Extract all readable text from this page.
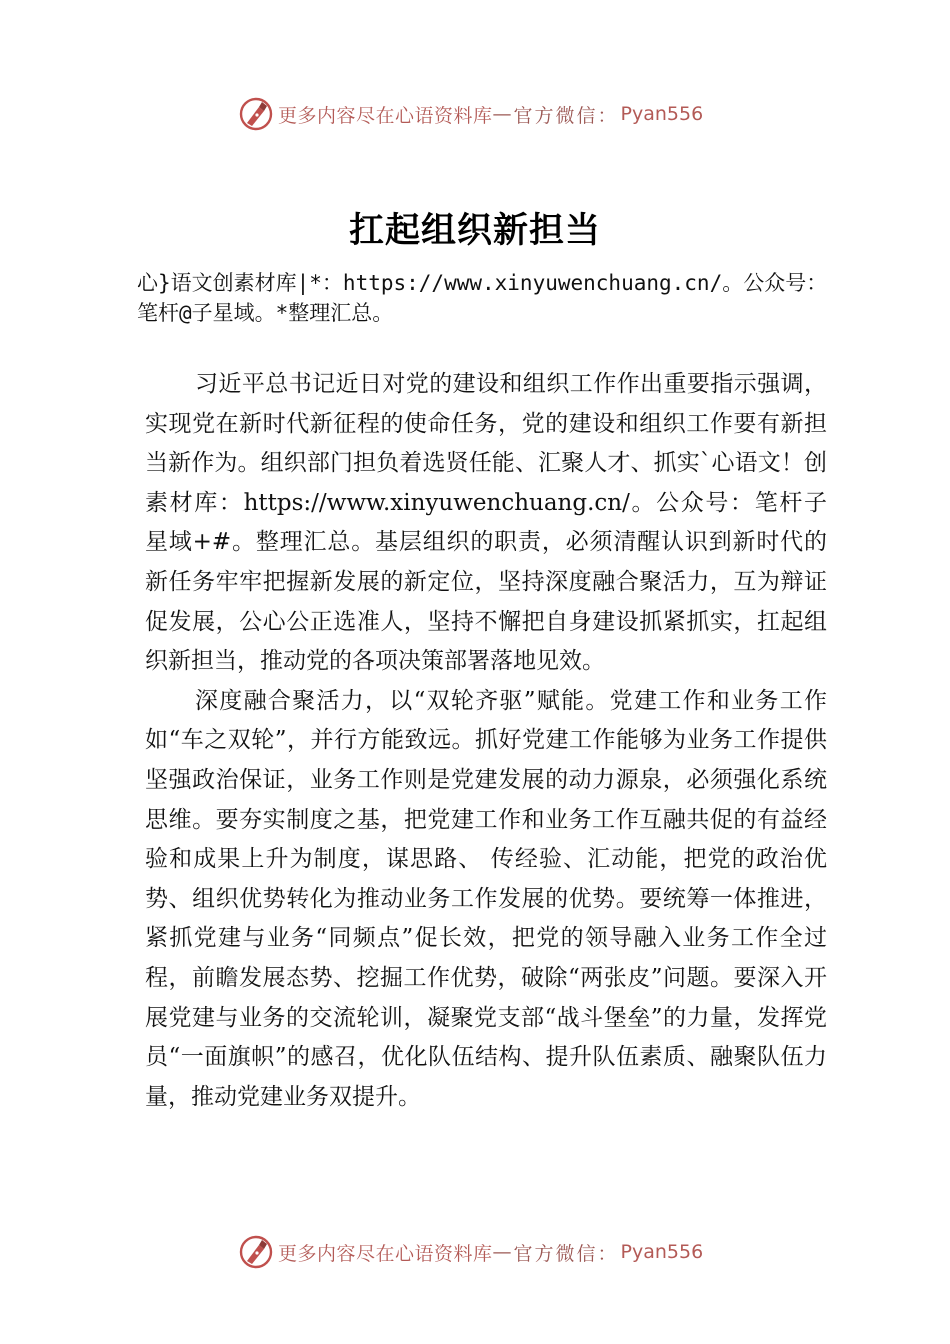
更多内容尽在心语资料库 — 官方微信： Pyan556
扛起组织新担当
心}语文创素材库|*：https://www.xinyuwenchuang.cn/。公众号：笔杆@子星域。*整理汇总。

习近平总书记近日对党的建设和组织工作作出重要指示强调，实现党在新时代新征程的使命任务，党的建设和组织工作要有新担当新作为。组织部门担负着选贤任能、汇聚人才、抓实`心语文！创素材库：https://www.xinyuwenchuang.cn/。公众号：笔杆子星域+#。整理汇总。基层组织的职责，必须清醒认识到新时代的新任务牢牢把握新发展的新定位，坚持深度融合聚活力，互为辩证促发展，公心公正选准人，坚持不懈把自身建设抓紧抓实，扛起组织新担当，推动党的各项决策部署落地见效。

深度融合聚活力，以“双轮齐驱”赋能。党建工作和业务工作如“车之双轮”，并行方能致远。抓好党建工作能够为业务工作提供坚强政治保证，业务工作则是党建发展的动力源泉，必须强化系统思维。要夯实制度之基，把党建工作和业务工作互融共促的有益经验和成果上升为制度，谋思路、 传经验、汇动能，把党的政治优势、组织优势转化为推动业务工作发展的优势。要统筹一体推进，紧抓党建与业务“同频点”促长效，把党的领导融入业务工作全过程，前瞻发展态势、挖掘工作优势，破除“两张皮”问题。要深入开展党建与业务的交流轮训，凝聚党支部“战斗堡垒”的力量，发挥党员“一面旗帜”的感召，优化队伍结构、提升队伍素质、融聚队伍力量，推动党建业务双提升。

更多内容尽在心语资料库 — 官方微信： Pyan556
